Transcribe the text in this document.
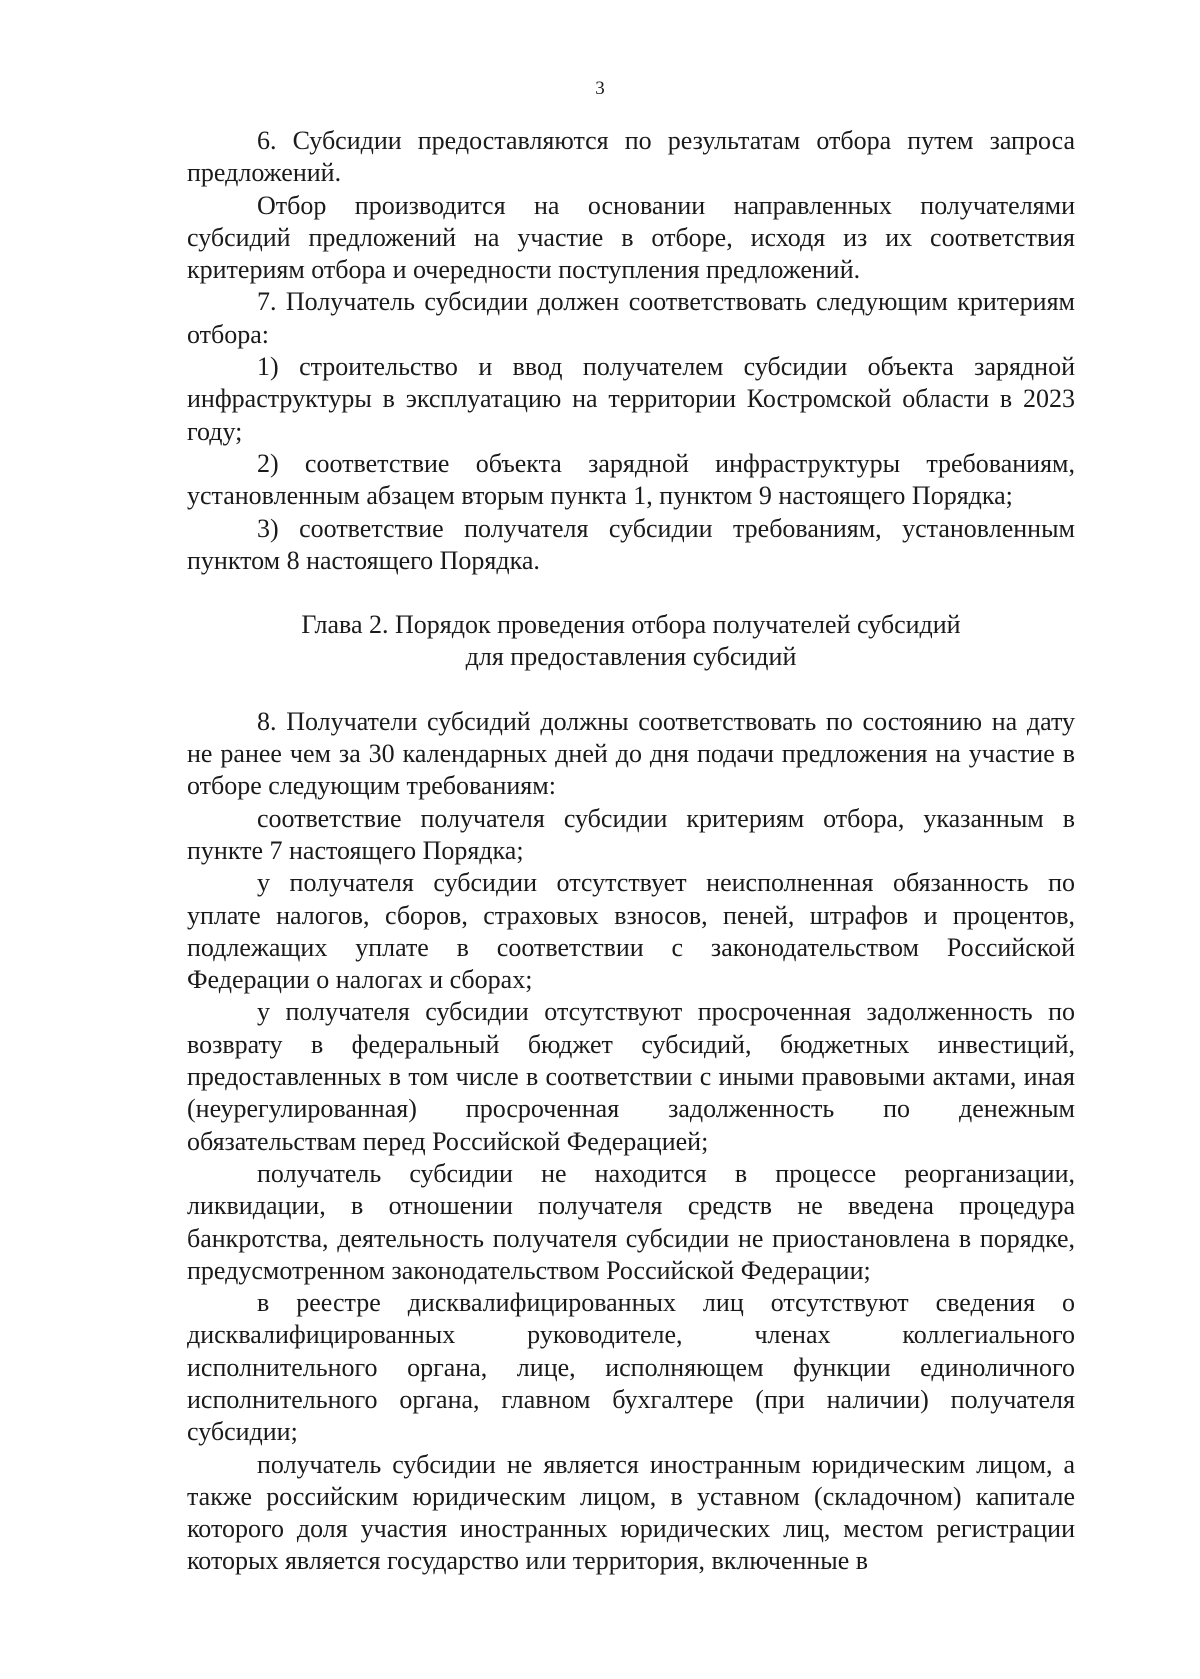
3

6. Субсидии предоставляются по результатам отбора путем запроса предложений.

Отбор производится на основании направленных получателями субсидий предложений на участие в отборе, исходя из их соответствия критериям отбора и очередности поступления предложений.

7. Получатель субсидии должен соответствовать следующим критериям отбора:

1) строительство и ввод получателем субсидии объекта зарядной инфраструктуры в эксплуатацию на территории Костромской области в 2023 году;

2) соответствие объекта зарядной инфраструктуры требованиям, установленным абзацем вторым пункта 1, пунктом 9 настоящего Порядка;

3) соответствие получателя субсидии требованиям, установленным пунктом 8 настоящего Порядка.

Глава 2. Порядок проведения отбора получателей субсидий
для предоставления субсидий

8. Получатели субсидий должны соответствовать по состоянию на дату не ранее чем за 30 календарных дней до дня подачи предложения на участие в отборе следующим требованиям:

соответствие получателя субсидии критериям отбора, указанным в пункте 7 настоящего Порядка;

у получателя субсидии отсутствует неисполненная обязанность по уплате налогов, сборов, страховых взносов, пеней, штрафов и процентов, подлежащих уплате в соответствии с законодательством Российской Федерации о налогах и сборах;

у получателя субсидии отсутствуют просроченная задолженность по возврату в федеральный бюджет субсидий, бюджетных инвестиций, предоставленных в том числе в соответствии с иными правовыми актами, иная (неурегулированная) просроченная задолженность по денежным обязательствам перед Российской Федерацией;

получатель субсидии не находится в процессе реорганизации, ликвидации, в отношении получателя средств не введена процедура банкротства, деятельность получателя субсидии не приостановлена в порядке, предусмотренном законодательством Российской Федерации;

в реестре дисквалифицированных лиц отсутствуют сведения о дисквалифицированных руководителе, членах коллегиального исполнительного органа, лице, исполняющем функции единоличного исполнительного органа, главном бухгалтере (при наличии) получателя субсидии;

получатель субсидии не является иностранным юридическим лицом, а также российским юридическим лицом, в уставном (складочном) капитале которого доля участия иностранных юридических лиц, местом регистрации которых является государство или территория, включенные в
